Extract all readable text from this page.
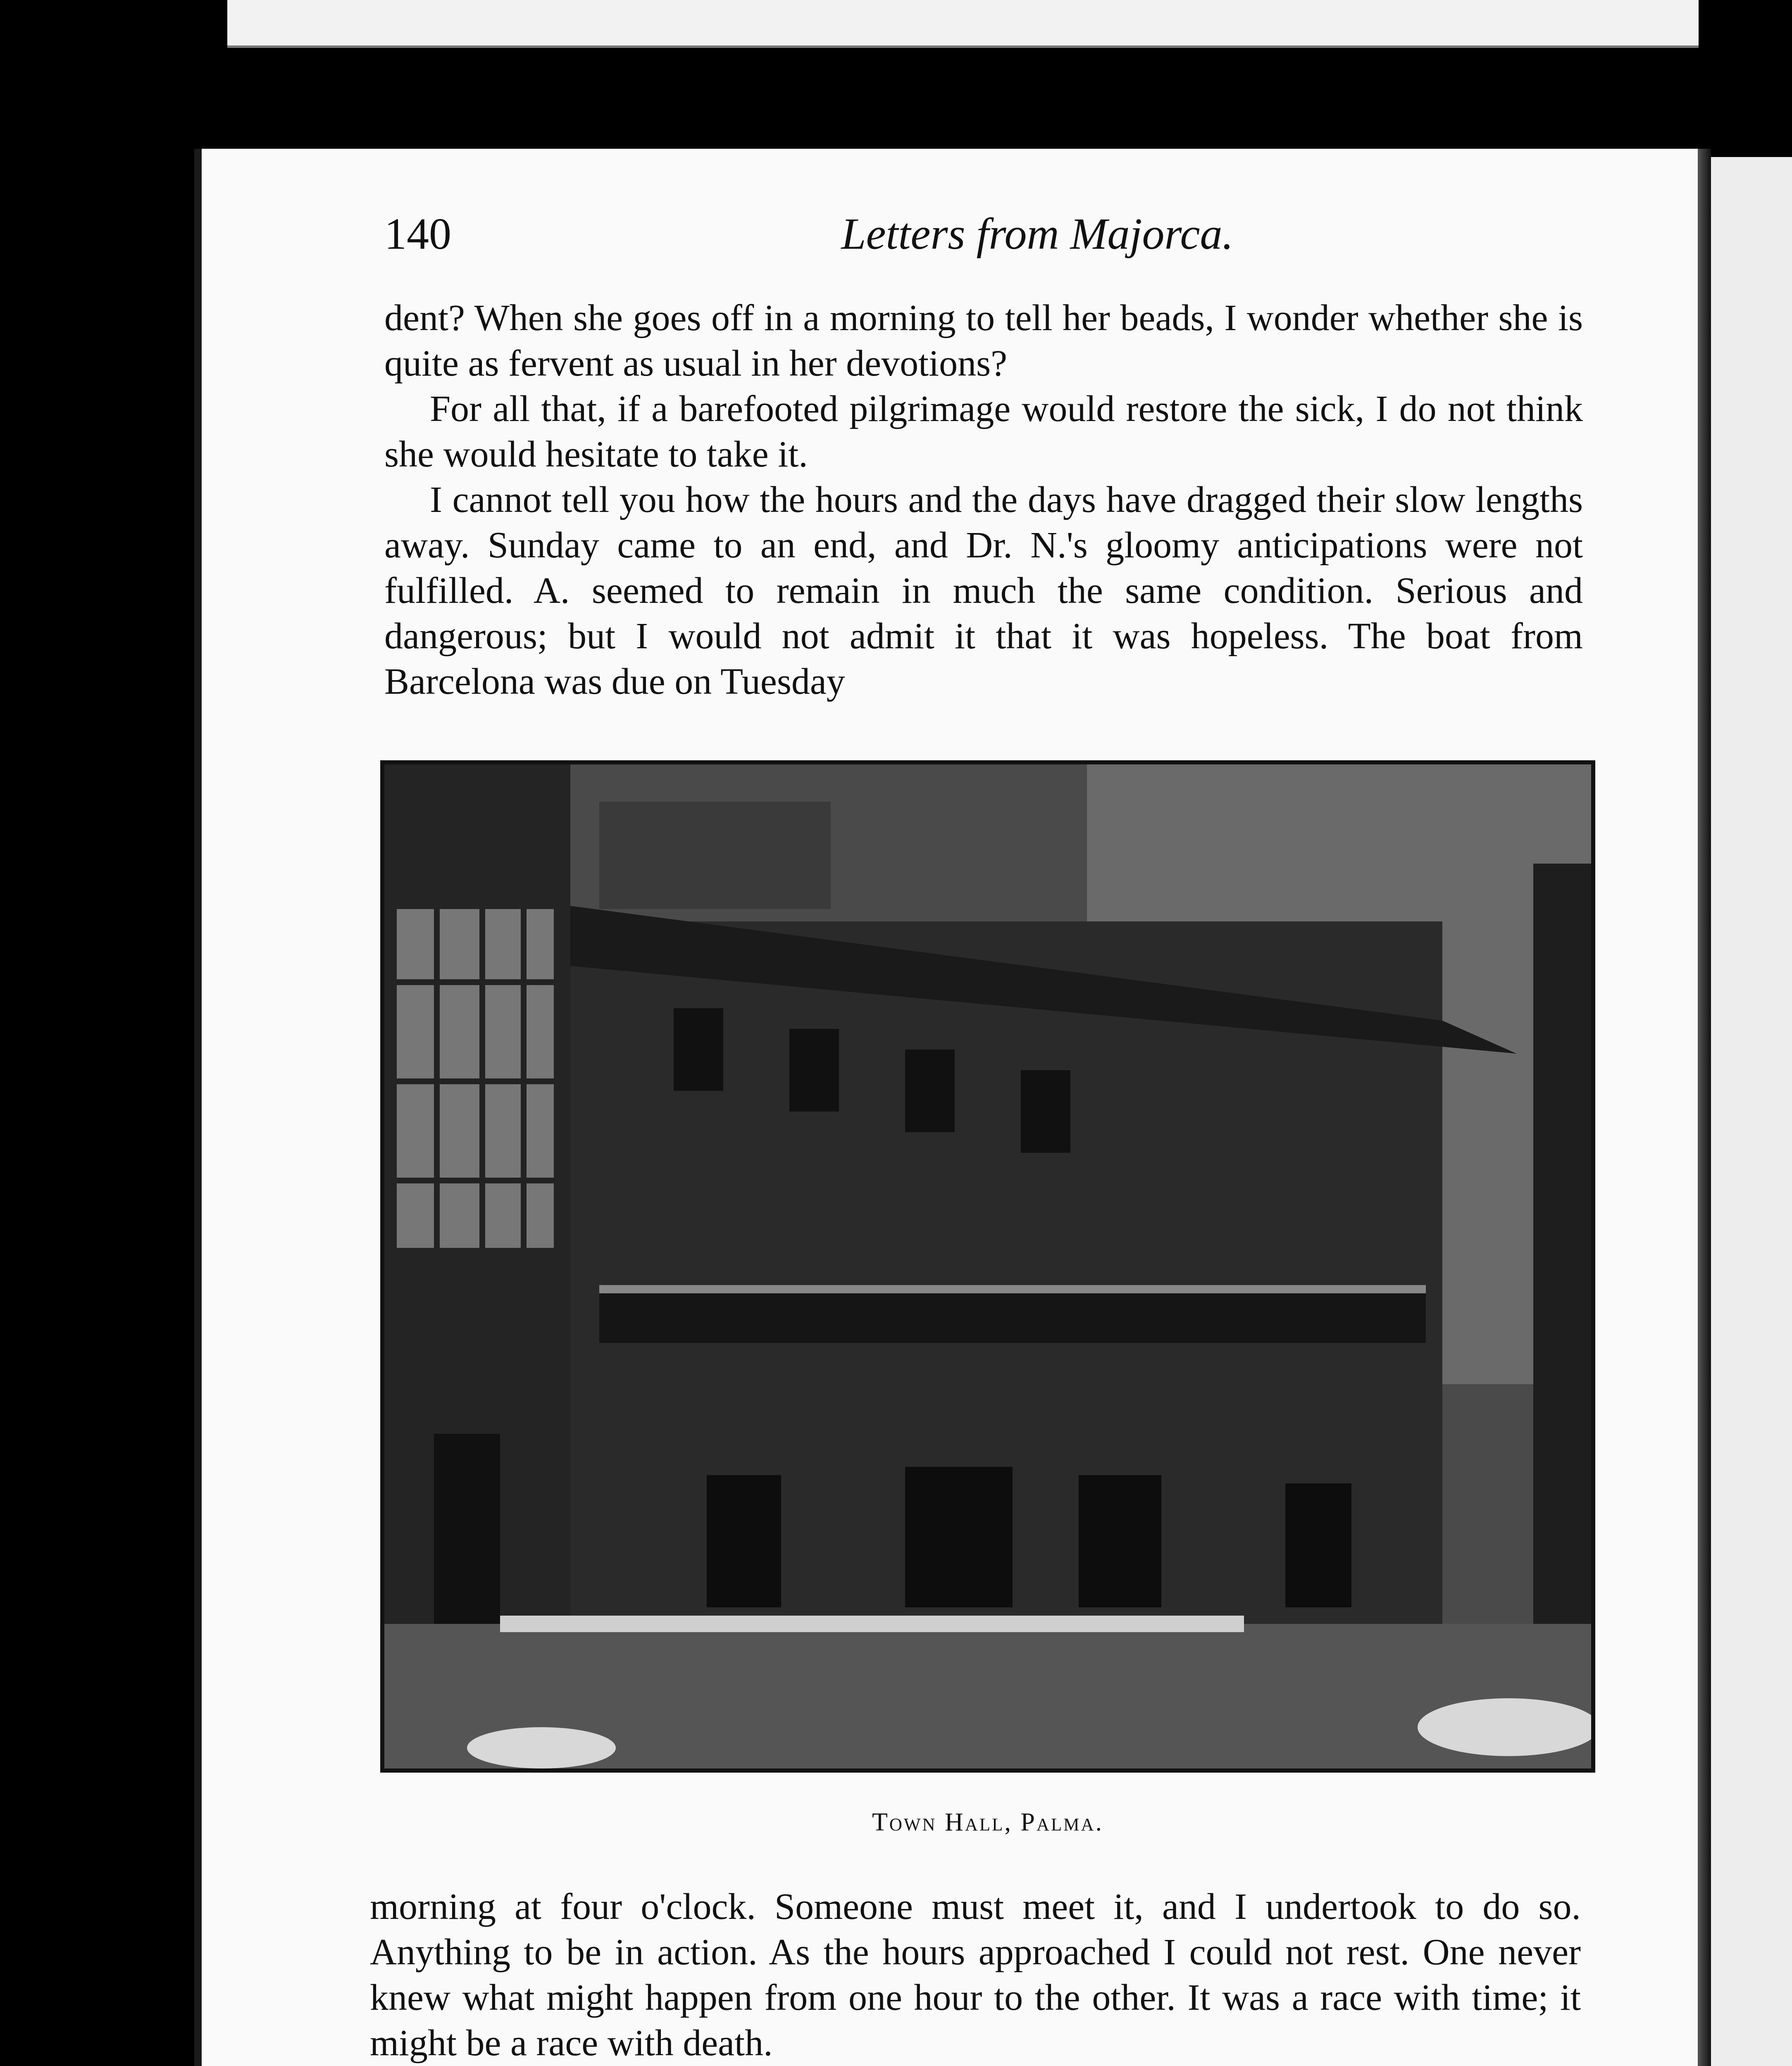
140	Letters from Majorca.

dent? When she goes off in a morning to tell her beads, I wonder whether she is quite as fervent as usual in her devotions?

For all that, if a barefooted pilgrimage would restore the sick, I do not think she would hesitate to take it.

I cannot tell you how the hours and the days have dragged their slow lengths away. Sunday came to an end, and Dr. N.'s gloomy anticipations were not fulfilled. A. seemed to remain in much the same condition. Serious and dangerous; but I would not admit it that it was hopeless. The boat from Barcelona was due on Tuesday

Town Hall, Palma.

morning at four o'clock. Someone must meet it, and I undertook to do so. Anything to be in action. As the hours approached I could not rest. One never knew what might happen from one hour to the other. It was a race with time; it might be a race with death.
